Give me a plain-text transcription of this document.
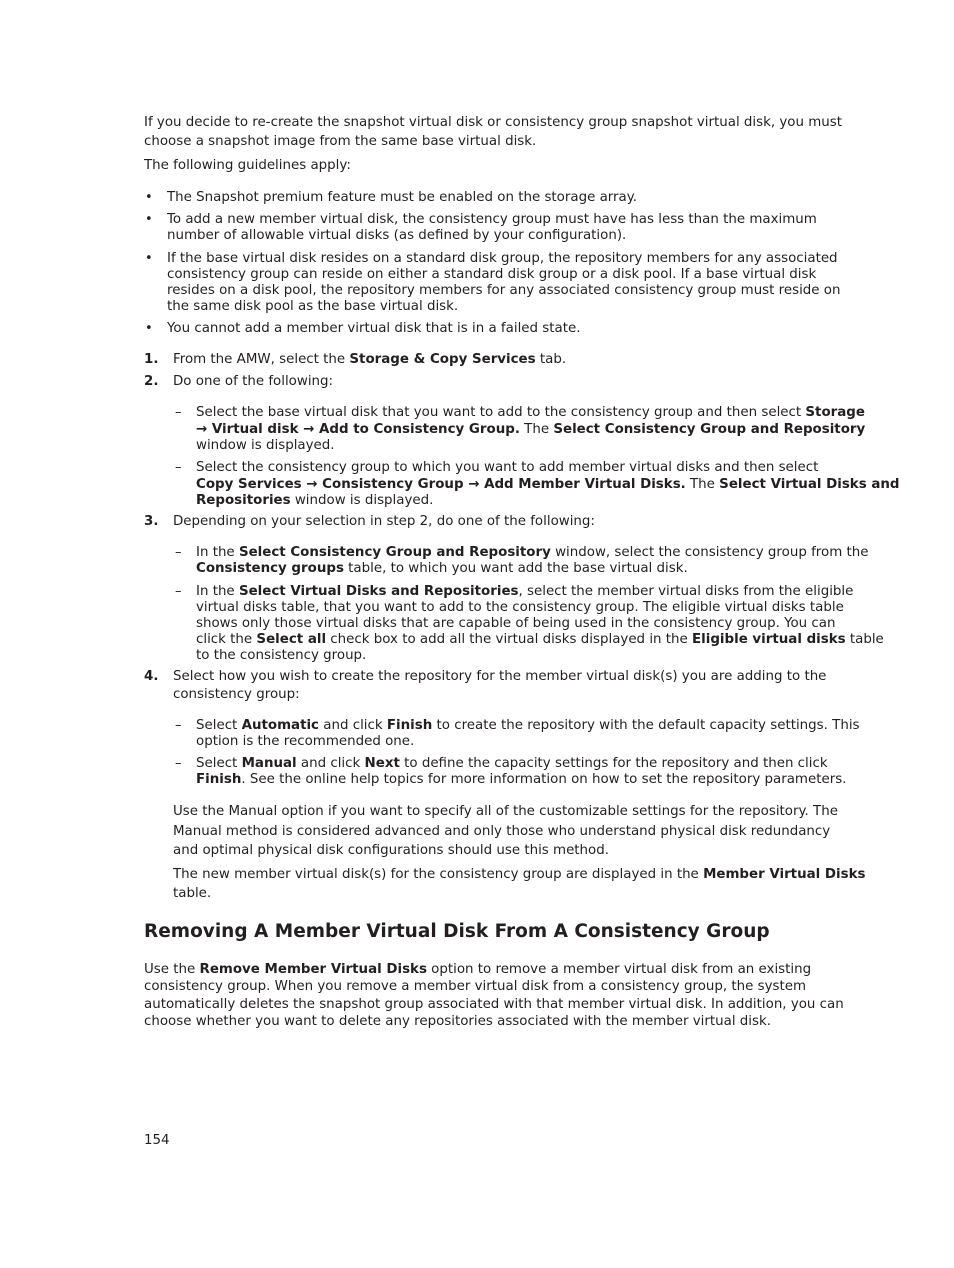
If you decide to re-create the snapshot virtual disk or consistency group snapshot virtual disk, you must
choose a snapshot image from the same base virtual disk.
The following guidelines apply:
• The Snapshot premium feature must be enabled on the storage array.
• To add a new member virtual disk, the consistency group must have has less than the maximum
number of allowable virtual disks (as defined by your configuration).
• If the base virtual disk resides on a standard disk group, the repository members for any associated
consistency group can reside on either a standard disk group or a disk pool. If a base virtual disk
resides on a disk pool, the repository members for any associated consistency group must reside on
the same disk pool as the base virtual disk.
• You cannot add a member virtual disk that is in a failed state.
1. From the AMW, select the Storage & Copy Services tab.
2. Do one of the following:
– Select the base virtual disk that you want to add to the consistency group and then select Storage
→ Virtual disk → Add to Consistency Group. The Select Consistency Group and Repository
window is displayed.
– Select the consistency group to which you want to add member virtual disks and then select
Copy Services → Consistency Group → Add Member Virtual Disks. The Select Virtual Disks and
Repositories window is displayed.
3. Depending on your selection in step 2, do one of the following:
– In the Select Consistency Group and Repository window, select the consistency group from the
Consistency groups table, to which you want add the base virtual disk.
– In the Select Virtual Disks and Repositories, select the member virtual disks from the eligible
virtual disks table, that you want to add to the consistency group. The eligible virtual disks table
shows only those virtual disks that are capable of being used in the consistency group. You can
click the Select all check box to add all the virtual disks displayed in the Eligible virtual disks table
to the consistency group.
4. Select how you wish to create the repository for the member virtual disk(s) you are adding to the
consistency group:
– Select Automatic and click Finish to create the repository with the default capacity settings. This
option is the recommended one.
– Select Manual and click Next to define the capacity settings for the repository and then click
Finish. See the online help topics for more information on how to set the repository parameters.
Use the Manual option if you want to specify all of the customizable settings for the repository. The
Manual method is considered advanced and only those who understand physical disk redundancy
and optimal physical disk configurations should use this method.
The new member virtual disk(s) for the consistency group are displayed in the Member Virtual Disks
table.
Removing A Member Virtual Disk From A Consistency Group
Use the Remove Member Virtual Disks option to remove a member virtual disk from an existing
consistency group. When you remove a member virtual disk from a consistency group, the system
automatically deletes the snapshot group associated with that member virtual disk. In addition, you can
choose whether you want to delete any repositories associated with the member virtual disk.
154
